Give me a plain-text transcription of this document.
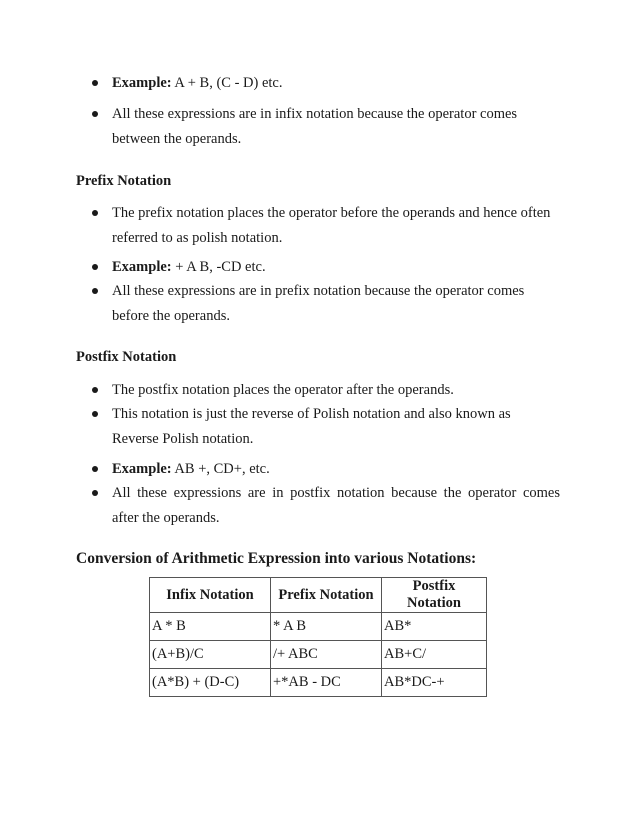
Example: A + B, (C - D) etc.
All these expressions are in infix notation because the operator comes between the operands.
Prefix Notation
The prefix notation places the operator before the operands and hence often referred to as polish notation.
Example: + A B, -CD etc.
All these expressions are in prefix notation because the operator comes before the operands.
Postfix Notation
The postfix notation places the operator after the operands.
This notation is just the reverse of Polish notation and also known as Reverse Polish notation.
Example: AB +, CD+, etc.
All these expressions are in postfix notation because the operator comes after the operands.
Conversion of Arithmetic Expression into various Notations:
Infix Notation	Prefix Notation	Postfix Notation
A * B	* A B	AB*
(A+B)/C	/+ ABC	AB+C/
(A*B) + (D-C)	+*AB - DC	AB*DC-+
